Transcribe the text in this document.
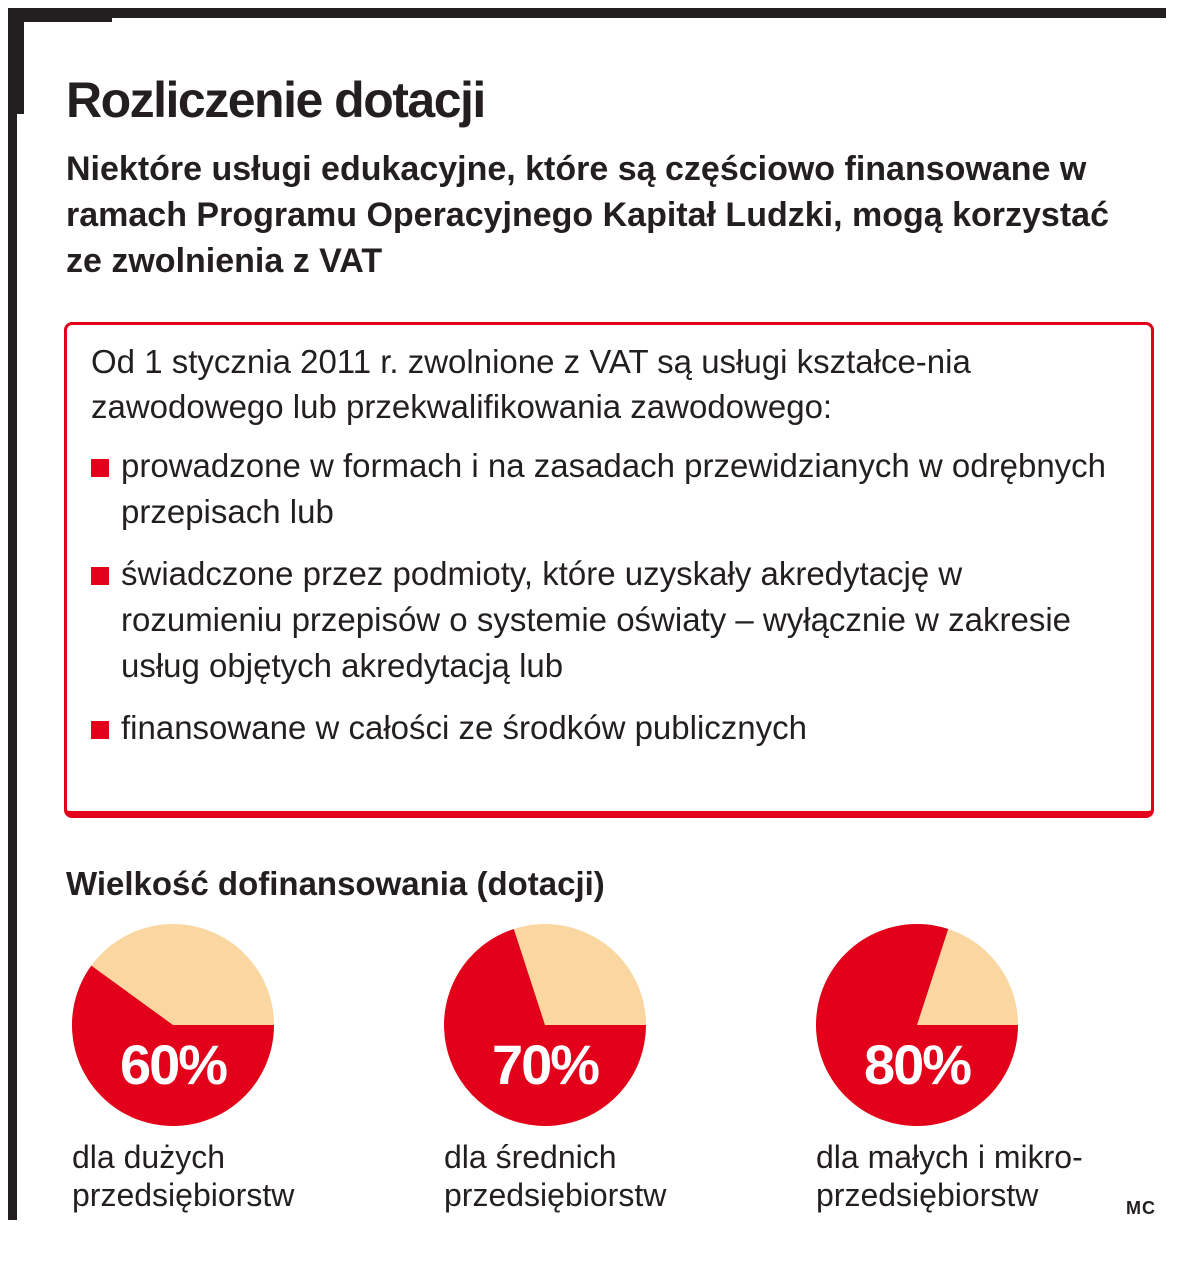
Rozliczenie dotacji

Niektóre usługi edukacyjne, które są częściowo finansowane w ramach Programu Operacyjnego Kapitał Ludzki, mogą korzystać ze zwolnienia z VAT

Od 1 stycznia 2011 r. zwolnione z VAT są usługi kształce-nia zawodowego lub przekwalifikowania zawodowego:

prowadzone w formach i na zasadach przewidzianych w odrębnych przepisach lub
świadczone przez podmioty, które uzyskały akredytację w rozumieniu przepisów o systemie oświaty – wyłącznie w zakresie usług objętych akredytacją lub
finansowane w całości ze środków publicznych
Wielkość dofinansowania (dotacji)
60%
dla dużych
przedsiębiorstw
70%
dla średnich
przedsiębiorstw
80%
dla małych i mikro-
przedsiębiorstw	MC
